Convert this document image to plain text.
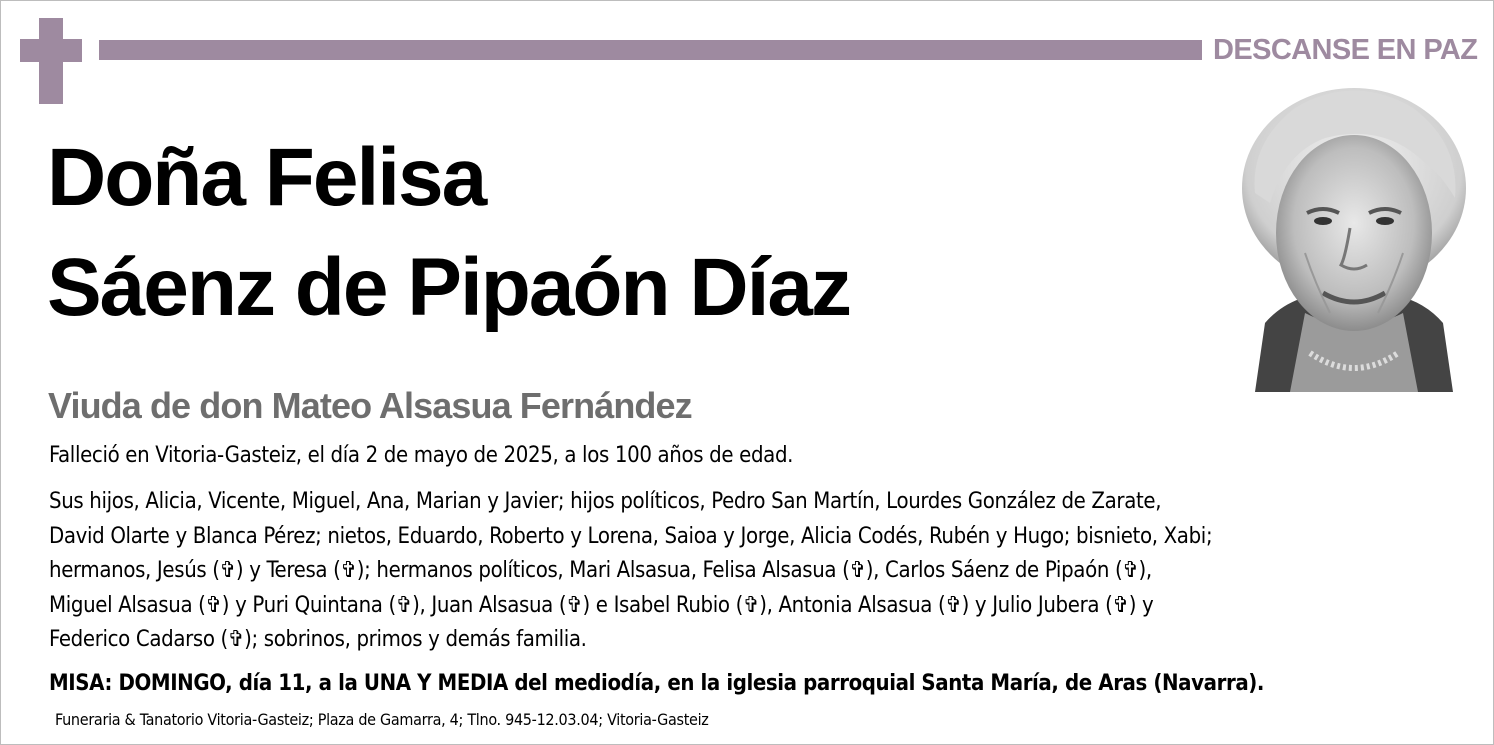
DESCANSE EN PAZ
Doña Felisa
Sáenz de Pipaón Díaz
Viuda de don Mateo Alsasua Fernández
Falleció en Vitoria-Gasteiz, el día 2 de mayo de 2025, a los 100 años de edad.
Sus hijos, Alicia, Vicente, Miguel, Ana, Marian y Javier; hijos políticos, Pedro San Martín, Lourdes González de Zarate,
David Olarte y Blanca Pérez; nietos, Eduardo, Roberto y Lorena, Saioa y Jorge, Alicia Codés, Rubén y Hugo; bisnieto, Xabi;
hermanos, Jesús (✞) y Teresa (✞); hermanos políticos, Mari Alsasua, Felisa Alsasua (✞), Carlos Sáenz de Pipaón (✞),
Miguel Alsasua (✞) y Puri Quintana (✞), Juan Alsasua (✞) e Isabel Rubio (✞), Antonia Alsasua (✞) y Julio Jubera (✞) y
Federico Cadarso (✞); sobrinos, primos y demás familia.
MISA: DOMINGO, día 11, a la UNA Y MEDIA del mediodía, en la iglesia parroquial Santa María, de Aras (Navarra).
Funeraria & Tanatorio Vitoria-Gasteiz; Plaza de Gamarra, 4; Tlno. 945-12.03.04; Vitoria-Gasteiz
